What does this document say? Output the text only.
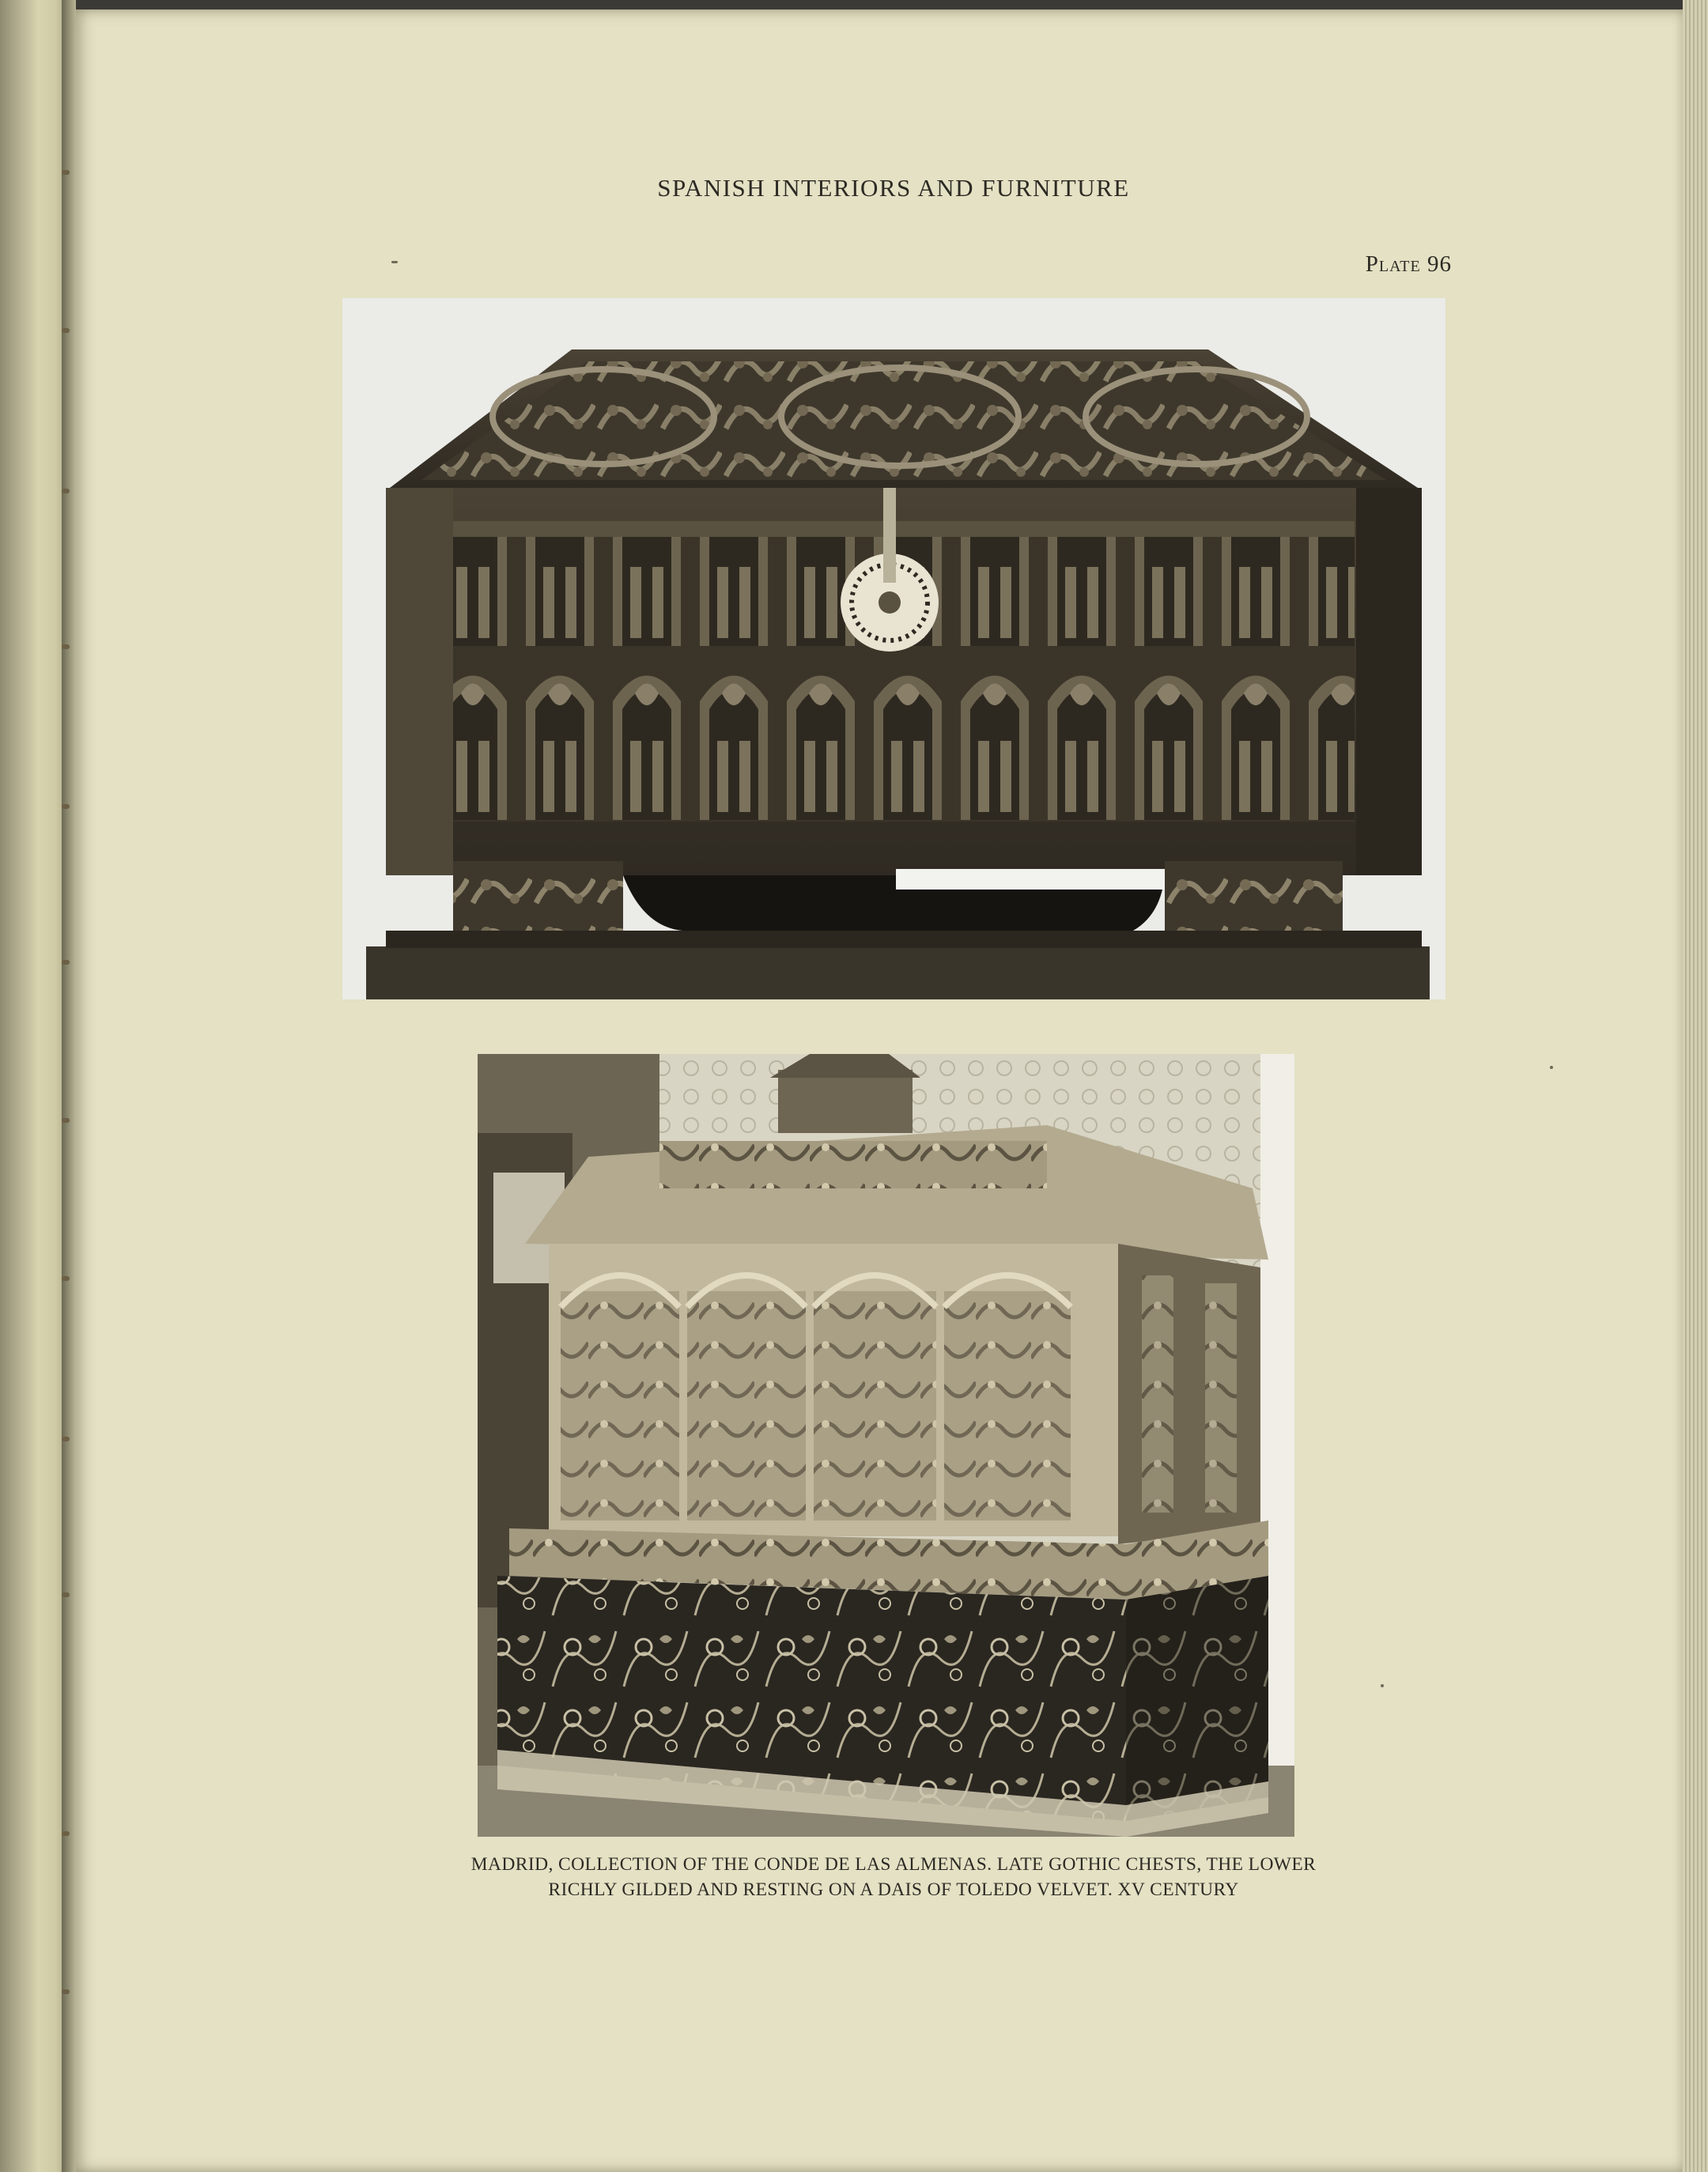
SPANISH INTERIORS AND FURNITURE
Plate 96
MADRID, COLLECTION OF THE CONDE DE LAS ALMENAS. LATE GOTHIC CHESTS, THE LOWER
RICHLY GILDED AND RESTING ON A DAIS OF TOLEDO VELVET. XV CENTURY
